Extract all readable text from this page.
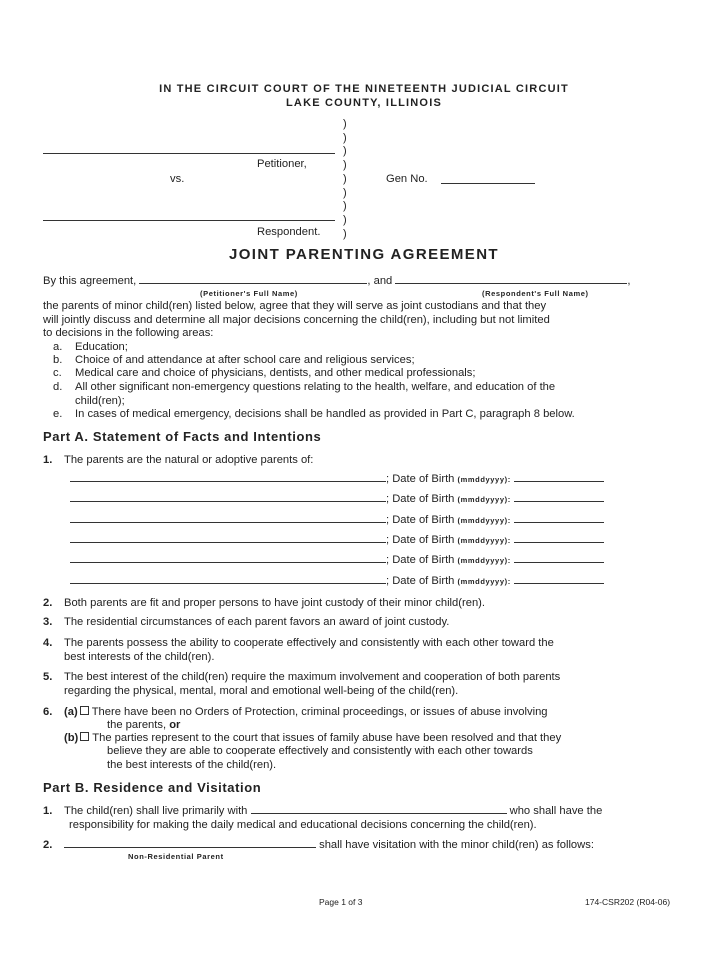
IN THE CIRCUIT COURT OF THE NINETEENTH JUDICIAL CIRCUIT
LAKE COUNTY, ILLINOIS
)
)
)
)
)
)
)
)
)
Petitioner,
vs.	Gen No.
Respondent.
JOINT PARENTING AGREEMENT
By this agreement,	, and	,
(Petitioner's Full Name)	(Respondent's Full Name)
the parents of minor child(ren) listed below, agree that they will serve as joint custodians and that they
will jointly discuss and determine all major decisions concerning the child(ren), including but not limited
to decisions in the following areas:
a. Education;
b. Choice of and attendance at after school care and religious services;
c. Medical care and choice of physicians, dentists, and other medical professionals;
d. All other significant non-emergency questions relating to the health, welfare, and education of the
child(ren);
e. In cases of medical emergency, decisions shall be handled as provided in Part C, paragraph 8 below.
Part A. Statement of Facts and Intentions
1. The parents are the natural or adoptive parents of:
; Date of Birth (mmddyyyy):
; Date of Birth (mmddyyyy):
; Date of Birth (mmddyyyy):
; Date of Birth (mmddyyyy):
; Date of Birth (mmddyyyy):
; Date of Birth (mmddyyyy):
2. Both parents are fit and proper persons to have joint custody of their minor child(ren).
3. The residential circumstances of each parent favors an award of joint custody.
4. The parents possess the ability to cooperate effectively and consistently with each other toward the
best interests of the child(ren).
5. The best interest of the child(ren) require the maximum involvement and cooperation of both parents
regarding the physical, mental, moral and emotional well-being of the child(ren).
6. (a) There have been no Orders of Protection, criminal proceedings, or issues of abuse involving
the parents, or
(b) The parties represent to the court that issues of family abuse have been resolved and that they
believe they are able to cooperate effectively and consistently with each other towards
the best interests of the child(ren).
Part B. Residence and Visitation
1. The child(ren) shall live primarily with	who shall have the
responsibility for making the daily medical and educational decisions concerning the child(ren).
2.	shall have visitation with the minor child(ren) as follows:
Non-Residential Parent
Page 1 of 3	174-CSR202 (R04-06)
